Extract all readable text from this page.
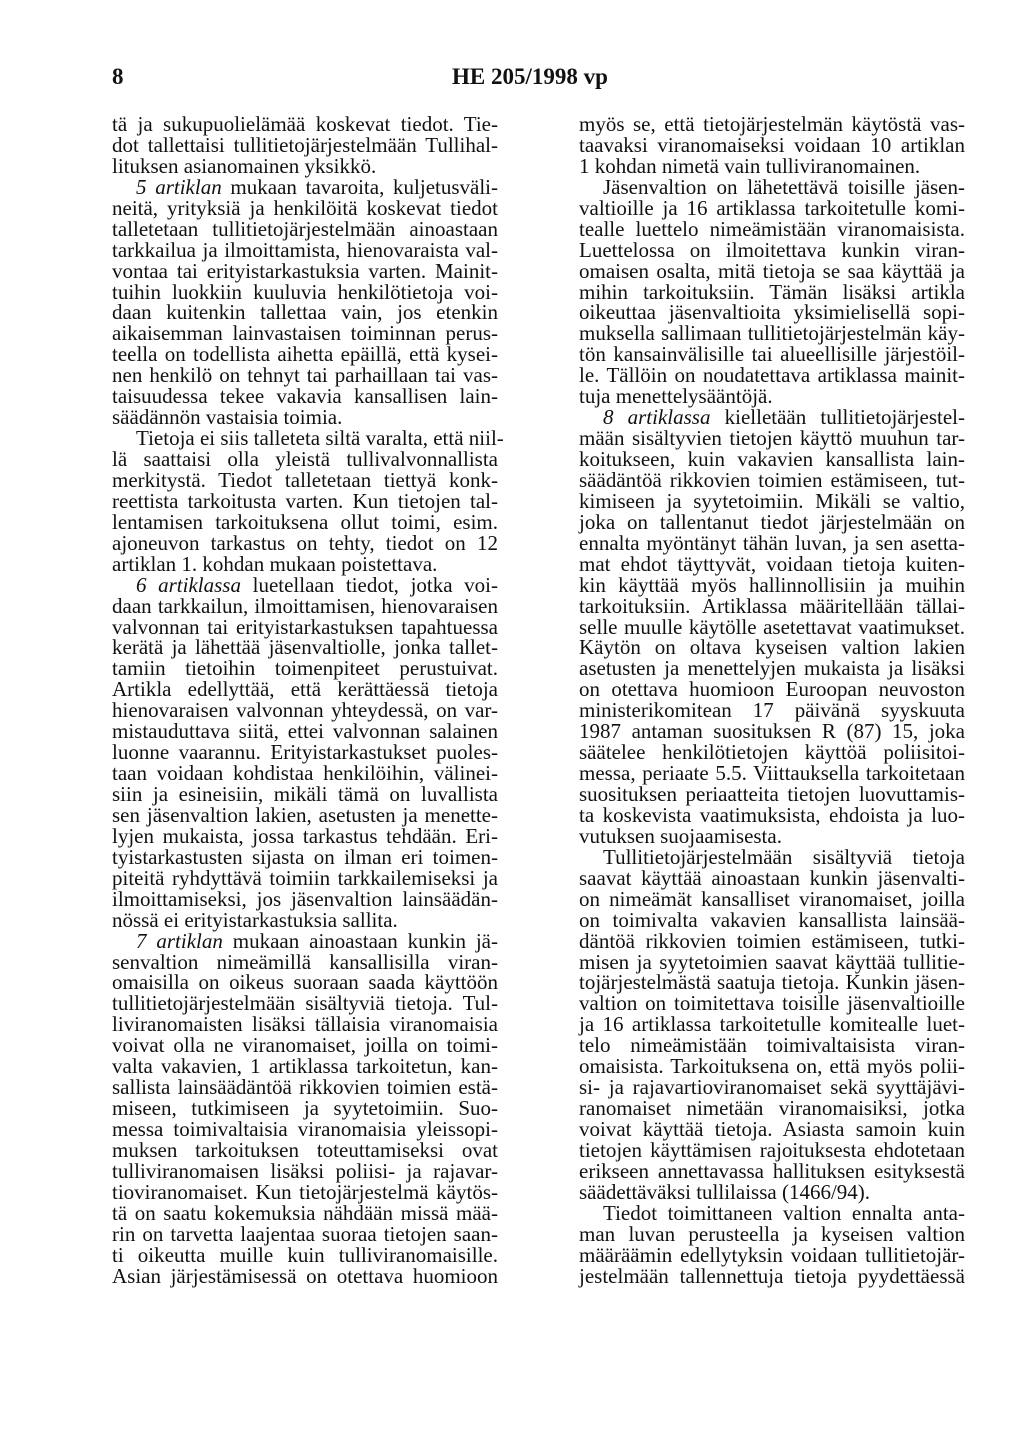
8	HE 205/1998 vp
tä ja sukupuolielämää koskevat tiedot. Tie-
dot tallettaisi tullitietojärjestelmään Tullihal-
lituksen asianomainen yksikkö.
5 artiklan mukaan tavaroita, kuljetusväli-
neitä, yrityksiä ja henkilöitä koskevat tiedot
talletetaan tullitietojärjestelmään ainoastaan
tarkkailua ja ilmoittamista, hienovaraista val-
vontaa tai erityistarkastuksia varten. Mainit-
tuihin luokkiin kuuluvia henkilötietoja voi-
daan kuitenkin tallettaa vain, jos etenkin
aikaisemman lainvastaisen toiminnan perus-
teella on todellista aihetta epäillä, että kysei-
nen henkilö on tehnyt tai parhaillaan tai vas-
taisuudessa tekee vakavia kansallisen lain-
säädännön vastaisia toimia.
Tietoja ei siis talleteta siltä varalta, että niil-
lä saattaisi olla yleistä tullivalvonnallista
merkitystä. Tiedot talletetaan tiettyä konk-
reettista tarkoitusta varten. Kun tietojen tal-
lentamisen tarkoituksena ollut toimi, esim.
ajoneuvon tarkastus on tehty, tiedot on 12
artiklan 1. kohdan mukaan poistettava.
6 artiklassa luetellaan tiedot, jotka voi-
daan tarkkailun, ilmoittamisen, hienovaraisen
valvonnan tai erityistarkastuksen tapahtuessa
kerätä ja lähettää jäsenvaltiolle, jonka tallet-
tamiin tietoihin toimenpiteet perustuivat.
Artikla edellyttää, että kerättäessä tietoja
hienovaraisen valvonnan yhteydessä, on var-
mistauduttava siitä, ettei valvonnan salainen
luonne vaarannu. Erityistarkastukset puoles-
taan voidaan kohdistaa henkilöihin, välinei-
siin ja esineisiin, mikäli tämä on luvallista
sen jäsenvaltion lakien, asetusten ja menette-
lyjen mukaista, jossa tarkastus tehdään. Eri-
tyistarkastusten sijasta on ilman eri toimen-
piteitä ryhdyttävä toimiin tarkkailemiseksi ja
ilmoittamiseksi, jos jäsenvaltion lainsäädän-
nössä ei erityistarkastuksia sallita.
7 artiklan mukaan ainoastaan kunkin jä-
senvaltion nimeämillä kansallisilla viran-
omaisilla on oikeus suoraan saada käyttöön
tullitietojärjestelmään sisältyviä tietoja. Tul-
liviranomaisten lisäksi tällaisia viranomaisia
voivat olla ne viranomaiset, joilla on toimi-
valta vakavien, 1 artiklassa tarkoitetun, kan-
sallista lainsäädäntöä rikkovien toimien estä-
miseen, tutkimiseen ja syytetoimiin. Suo-
messa toimivaltaisia viranomaisia yleissopi-
muksen tarkoituksen toteuttamiseksi ovat
tulliviranomaisen lisäksi poliisi- ja rajavar-
tioviranomaiset. Kun tietojärjestelmä käytös-
tä on saatu kokemuksia nähdään missä mää-
rin on tarvetta laajentaa suoraa tietojen saan-
ti oikeutta muille kuin tulliviranomaisille.
Asian järjestämisessä on otettava huomioon
myös se, että tietojärjestelmän käytöstä vas-
taavaksi viranomaiseksi voidaan 10 artiklan
1 kohdan nimetä vain tulliviranomainen.
Jäsenvaltion on lähetettävä toisille jäsen-
valtioille ja 16 artiklassa tarkoitetulle komi-
tealle luettelo nimeämistään viranomaisista.
Luettelossa on ilmoitettava kunkin viran-
omaisen osalta, mitä tietoja se saa käyttää ja
mihin tarkoituksiin. Tämän lisäksi artikla
oikeuttaa jäsenvaltioita yksimielisellä sopi-
muksella sallimaan tullitietojärjestelmän käy-
tön kansainvälisille tai alueellisille järjestöil-
le. Tällöin on noudatettava artiklassa mainit-
tuja menettelysääntöjä.
8 artiklassa kielletään tullitietojärjestel-
mään sisältyvien tietojen käyttö muuhun tar-
koitukseen, kuin vakavien kansallista lain-
säädäntöä rikkovien toimien estämiseen, tut-
kimiseen ja syytetoimiin. Mikäli se valtio,
joka on tallentanut tiedot järjestelmään on
ennalta myöntänyt tähän luvan, ja sen asetta-
mat ehdot täyttyvät, voidaan tietoja kuiten-
kin käyttää myös hallinnollisiin ja muihin
tarkoituksiin. Artiklassa määritellään tällai-
selle muulle käytölle asetettavat vaatimukset.
Käytön on oltava kyseisen valtion lakien
asetusten ja menettelyjen mukaista ja lisäksi
on otettava huomioon Euroopan neuvoston
ministerikomitean 17 päivänä syyskuuta
1987 antaman suosituksen R (87) 15, joka
säätelee henkilötietojen käyttöä poliisitoi-
messa, periaate 5.5. Viittauksella tarkoitetaan
suosituksen periaatteita tietojen luovuttamis-
ta koskevista vaatimuksista, ehdoista ja luo-
vutuksen suojaamisesta.
Tullitietojärjestelmään sisältyviä tietoja
saavat käyttää ainoastaan kunkin jäsenvalti-
on nimeämät kansalliset viranomaiset, joilla
on toimivalta vakavien kansallista lainsää-
däntöä rikkovien toimien estämiseen, tutki-
misen ja syytetoimien saavat käyttää tullitie-
tojärjestelmästä saatuja tietoja. Kunkin jäsen-
valtion on toimitettava toisille jäsenvaltioille
ja 16 artiklassa tarkoitetulle komitealle luet-
telo nimeämistään toimivaltaisista viran-
omaisista. Tarkoituksena on, että myös polii-
si- ja rajavartioviranomaiset sekä syyttäjävi-
ranomaiset nimetään viranomaisiksi, jotka
voivat käyttää tietoja. Asiasta samoin kuin
tietojen käyttämisen rajoituksesta ehdotetaan
erikseen annettavassa hallituksen esityksestä
säädettäväksi tullilaissa (1466/94).
Tiedot toimittaneen valtion ennalta anta-
man luvan perusteella ja kyseisen valtion
määräämin edellytyksin voidaan tullitietojär-
jestelmään tallennettuja tietoja pyydettäessä
